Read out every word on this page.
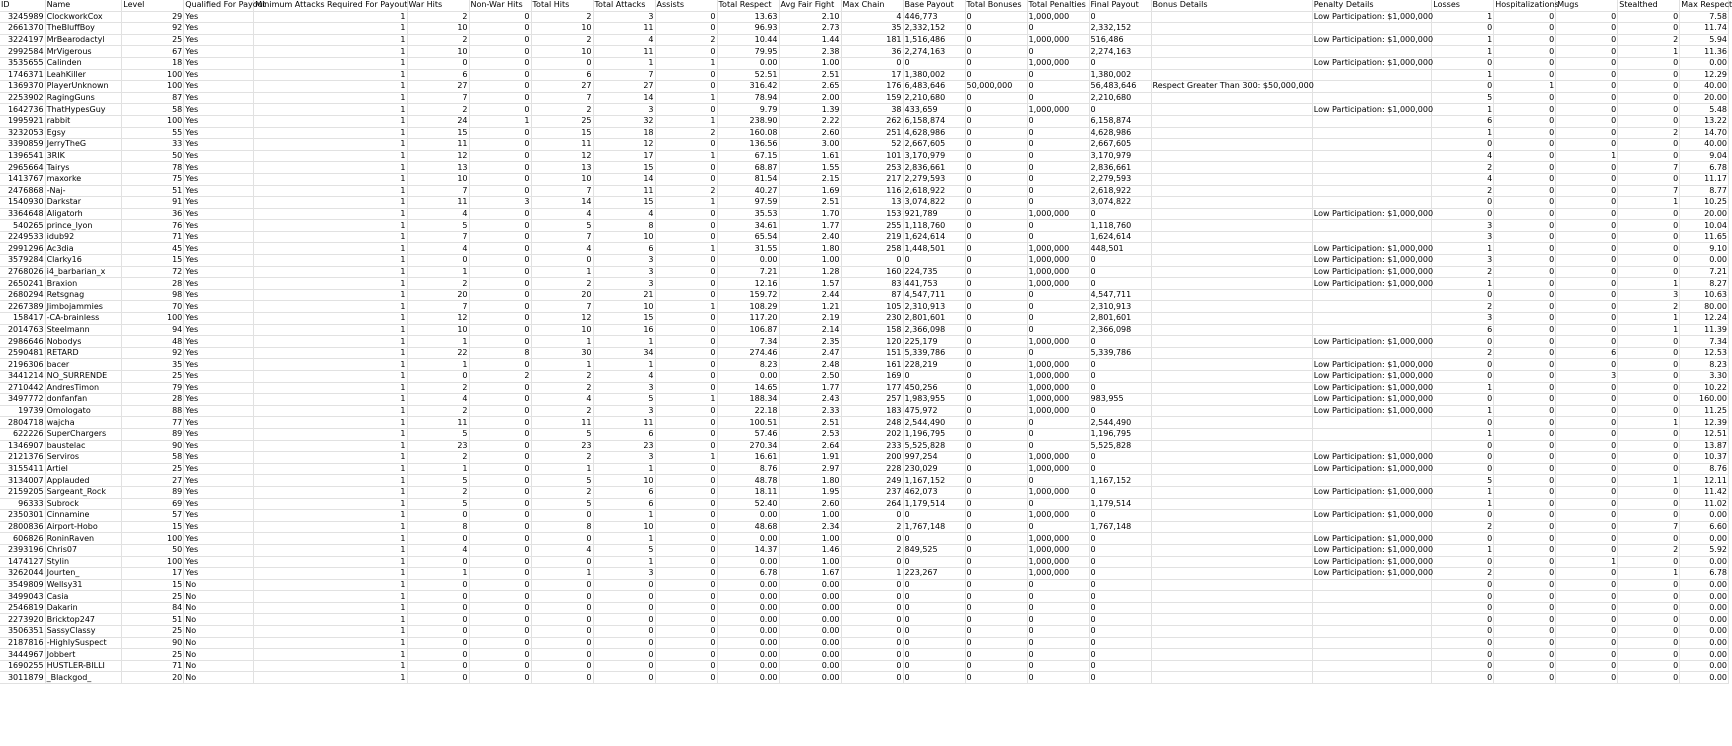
ID	Name	Level	Qualified For Payout	Minimum Attacks Required For Payout	War Hits	Non-War Hits	Total Hits	Total Attacks	Assists	Total Respect	Avg Fair Fight	Max Chain	Base Payout	Total Bonuses	Total Penalties	Final Payout	Bonus Details	Penalty Details	Losses	Hospitalizations	Mugs	Stealthed	Max Respect
3245989	ClockworkCox	29	Yes	1	2	0	2	3	0	13.63	2.10	4	446,773	0	1,000,000	0		Low Participation: $1,000,000	1	0	0	0	7.58
2661370	TheBluffBoy	92	Yes	1	10	0	10	11	0	96.93	2.73	35	2,332,152	0	0	2,332,152			0	0	0	0	11.74
3224197	MrBearodactyl	25	Yes	1	2	0	2	4	2	10.44	1.44	181	1,516,486	0	1,000,000	516,486		Low Participation: $1,000,000	1	0	0	2	5.94
2992584	MrVigerous	67	Yes	1	10	0	10	11	0	79.95	2.38	36	2,274,163	0	0	2,274,163			1	0	0	1	11.36
3535655	Calinden	18	Yes	1	0	0	0	1	1	0.00	1.00	0	0	0	1,000,000	0		Low Participation: $1,000,000	0	0	0	0	0.00
1746371	LeahKiller	100	Yes	1	6	0	6	7	0	52.51	2.51	17	1,380,002	0	0	1,380,002			1	0	0	0	12.29
1369370	PlayerUnknown	100	Yes	1	27	0	27	27	0	316.42	2.65	176	6,483,646	50,000,000	0	56,483,646	Respect Greater Than 300: $50,000,000		0	1	0	0	40.00
2253902	RagingGuns	87	Yes	1	7	0	7	14	1	78.94	2.00	159	2,210,680	0	0	2,210,680			5	0	0	0	20.00
1642736	ThatHypesGuy	58	Yes	1	2	0	2	3	0	9.79	1.39	38	433,659	0	1,000,000	0		Low Participation: $1,000,000	1	0	0	0	5.48
1995921	rabbit	100	Yes	1	24	1	25	32	1	238.90	2.22	262	6,158,874	0	0	6,158,874			6	0	0	0	13.22
3232053	Egsy	55	Yes	1	15	0	15	18	2	160.08	2.60	251	4,628,986	0	0	4,628,986			1	0	0	2	14.70
3390859	JerryTheG	33	Yes	1	11	0	11	12	0	136.56	3.00	52	2,667,605	0	0	2,667,605			0	0	0	0	40.00
1396541	3RIK	50	Yes	1	12	0	12	17	1	67.15	1.61	101	3,170,979	0	0	3,170,979			4	0	1	0	9.04
2965664	Tairys	78	Yes	1	13	0	13	15	0	68.87	1.55	253	2,836,661	0	0	2,836,661			2	0	0	7	6.78
1413767	maxorke	75	Yes	1	10	0	10	14	0	81.54	2.15	217	2,279,593	0	0	2,279,593			4	0	0	0	11.17
2476868	-Naj-	51	Yes	1	7	0	7	11	2	40.27	1.69	116	2,618,922	0	0	2,618,922			2	0	0	7	8.77
1540930	Darkstar	91	Yes	1	11	3	14	15	1	97.59	2.51	13	3,074,822	0	0	3,074,822			0	0	0	1	10.25
3364648	Aligatorh	36	Yes	1	4	0	4	4	0	35.53	1.70	153	921,789	0	1,000,000	0		Low Participation: $1,000,000	0	0	0	0	20.00
540265	prince_lyon	76	Yes	1	5	0	5	8	0	34.61	1.77	255	1,118,760	0	0	1,118,760			3	0	0	0	10.04
2249533	idub92	71	Yes	1	7	0	7	10	0	65.54	2.40	219	1,624,614	0	0	1,624,614			3	0	0	0	11.65
2991296	Ac3dia	45	Yes	1	4	0	4	6	1	31.55	1.80	258	1,448,501	0	1,000,000	448,501		Low Participation: $1,000,000	1	0	0	0	9.10
3579284	Clarky16	15	Yes	1	0	0	0	3	0	0.00	1.00	0	0	0	1,000,000	0		Low Participation: $1,000,000	3	0	0	0	0.00
2768026	i4_barbarian_x	72	Yes	1	1	0	1	3	0	7.21	1.28	160	224,735	0	1,000,000	0		Low Participation: $1,000,000	2	0	0	0	7.21
2650241	Braxion	28	Yes	1	2	0	2	3	0	12.16	1.57	83	441,753	0	1,000,000	0		Low Participation: $1,000,000	1	0	0	1	8.27
2680294	Retsgnag	98	Yes	1	20	0	20	21	0	159.72	2.44	87	4,547,711	0	0	4,547,711			0	0	0	3	10.63
2267389	Jimbojammies	70	Yes	1	7	0	7	10	1	108.29	1.21	105	2,310,913	0	0	2,310,913			2	0	0	2	80.00
158417	-CA-brainless	100	Yes	1	12	0	12	15	0	117.20	2.19	230	2,801,601	0	0	2,801,601			3	0	0	1	12.24
2014763	Steelmann	94	Yes	1	10	0	10	16	0	106.87	2.14	158	2,366,098	0	0	2,366,098			6	0	0	1	11.39
2986646	Nobodys	48	Yes	1	1	0	1	1	0	7.34	2.35	120	225,179	0	1,000,000	0		Low Participation: $1,000,000	0	0	0	0	7.34
2590481	RETARD	92	Yes	1	22	8	30	34	0	274.46	2.47	151	5,339,786	0	0	5,339,786			2	0	6	0	12.53
2196306	bacer	35	Yes	1	1	0	1	1	0	8.23	2.48	161	228,219	0	1,000,000	0		Low Participation: $1,000,000	0	0	0	0	8.23
3441214	NO_SURRENDE	25	Yes	1	0	2	2	4	0	0.00	2.50	169	0	0	1,000,000	0		Low Participation: $1,000,000	0	0	3	0	3.30
2710442	AndresTimon	79	Yes	1	2	0	2	3	0	14.65	1.77	177	450,256	0	1,000,000	0		Low Participation: $1,000,000	1	0	0	0	10.22
3497772	donfanfan	28	Yes	1	4	0	4	5	1	188.34	2.43	257	1,983,955	0	1,000,000	983,955		Low Participation: $1,000,000	0	0	0	0	160.00
19739	Omologato	88	Yes	1	2	0	2	3	0	22.18	2.33	183	475,972	0	1,000,000	0		Low Participation: $1,000,000	1	0	0	0	11.25
2804718	wajcha	77	Yes	1	11	0	11	11	0	100.51	2.51	248	2,544,490	0	0	2,544,490			0	0	0	1	12.39
622226	SuperChargers	89	Yes	1	5	0	5	6	0	57.46	2.53	202	1,196,795	0	0	1,196,795			1	0	0	0	12.51
1346907	baustelac	90	Yes	1	23	0	23	23	0	270.34	2.64	233	5,525,828	0	0	5,525,828			0	0	0	0	13.87
2121376	Serviros	58	Yes	1	2	0	2	3	1	16.61	1.91	200	997,254	0	1,000,000	0		Low Participation: $1,000,000	0	0	0	0	10.37
3155411	Artiel	25	Yes	1	1	0	1	1	0	8.76	2.97	228	230,029	0	1,000,000	0		Low Participation: $1,000,000	0	0	0	0	8.76
3134007	Applauded	27	Yes	1	5	0	5	10	0	48.78	1.80	249	1,167,152	0	0	1,167,152			5	0	0	1	12.11
2159205	Sargeant_Rock	89	Yes	1	2	0	2	6	0	18.11	1.95	237	462,073	0	1,000,000	0		Low Participation: $1,000,000	1	0	0	0	11.42
96333	Subrock	69	Yes	1	5	0	5	6	0	52.40	2.60	264	1,179,514	0	0	1,179,514			1	0	0	0	11.02
2350301	Cinnamine	57	Yes	1	0	0	0	1	0	0.00	1.00	0	0	0	1,000,000	0		Low Participation: $1,000,000	0	0	0	0	0.00
2800836	Airport-Hobo	15	Yes	1	8	0	8	10	0	48.68	2.34	2	1,767,148	0	0	1,767,148			2	0	0	7	6.60
606826	RoninRaven	100	Yes	1	0	0	0	1	0	0.00	1.00	0	0	0	1,000,000	0		Low Participation: $1,000,000	0	0	0	0	0.00
2393196	Chris07	50	Yes	1	4	0	4	5	0	14.37	1.46	2	849,525	0	1,000,000	0		Low Participation: $1,000,000	1	0	0	2	5.92
1474127	Stylin	100	Yes	1	0	0	0	1	0	0.00	1.00	0	0	0	1,000,000	0		Low Participation: $1,000,000	0	0	1	0	0.00
3262044	Jourten_	17	Yes	1	1	0	1	3	0	6.78	1.67	1	223,267	0	1,000,000	0		Low Participation: $1,000,000	2	0	0	1	6.78
3549809	Wellsy31	15	No	1	0	0	0	0	0	0.00	0.00	0	0	0	0	0			0	0	0	0	0.00
3499043	Casia	25	No	1	0	0	0	0	0	0.00	0.00	0	0	0	0	0			0	0	0	0	0.00
2546819	Dakarin	84	No	1	0	0	0	0	0	0.00	0.00	0	0	0	0	0			0	0	0	0	0.00
2273920	Bricktop247	51	No	1	0	0	0	0	0	0.00	0.00	0	0	0	0	0			0	0	0	0	0.00
3506351	SassyClassy	25	No	1	0	0	0	0	0	0.00	0.00	0	0	0	0	0			0	0	0	0	0.00
2187816	-HighlySuspect	90	No	1	0	0	0	0	0	0.00	0.00	0	0	0	0	0			0	0	0	0	0.00
3444967	Jobbert	25	No	1	0	0	0	0	0	0.00	0.00	0	0	0	0	0			0	0	0	0	0.00
1690255	HUSTLER-BILLI	71	No	1	0	0	0	0	0	0.00	0.00	0	0	0	0	0			0	0	0	0	0.00
3011879	_Blackgod_	20	No	1	0	0	0	0	0	0.00	0.00	0	0	0	0	0			0	0	0	0	0.00
